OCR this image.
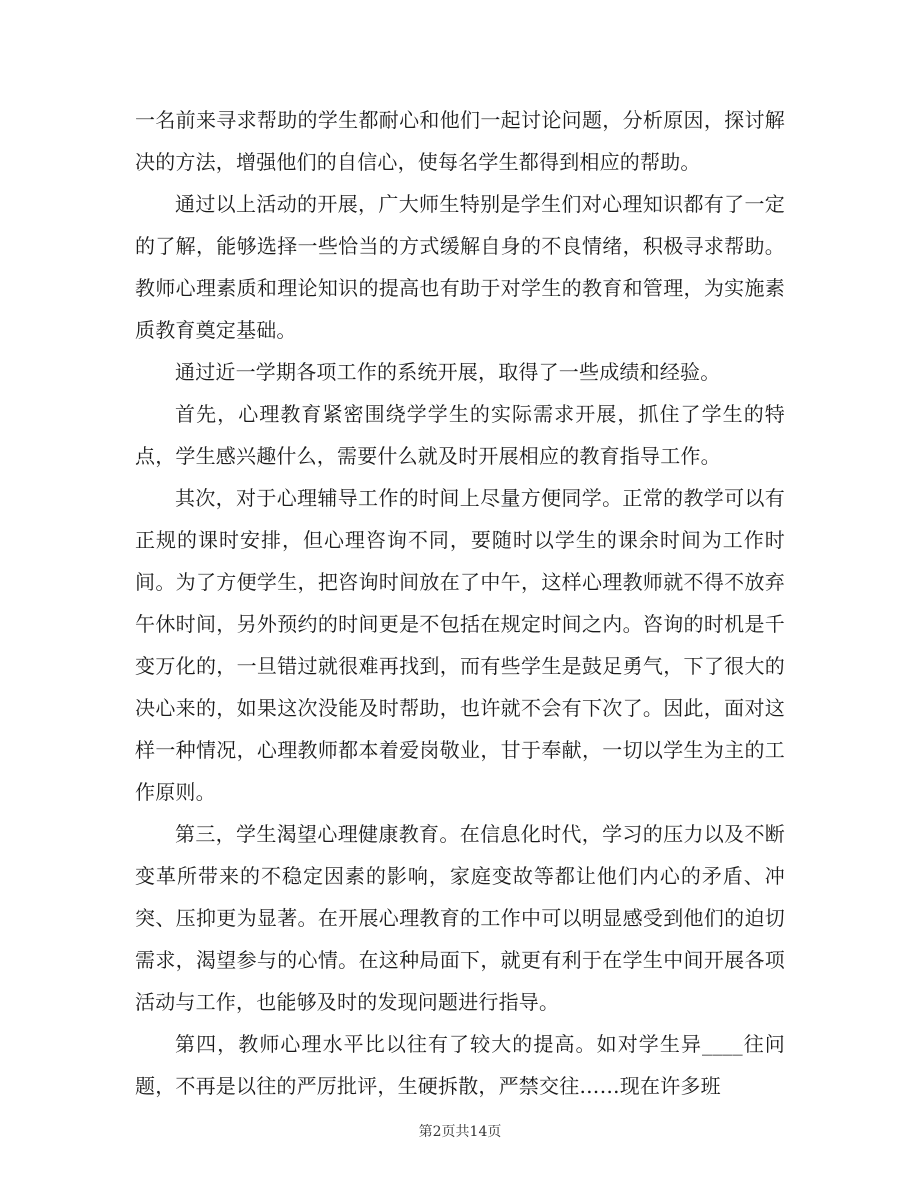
一名前来寻求帮助的学生都耐心和他们一起讨论问题，分析原因，探讨解决的方法，增强他们的自信心，使每名学生都得到相应的帮助。

通过以上活动的开展，广大师生特别是学生们对心理知识都有了一定的了解，能够选择一些恰当的方式缓解自身的不良情绪，积极寻求帮助。教师心理素质和理论知识的提高也有助于对学生的教育和管理，为实施素质教育奠定基础。

通过近一学期各项工作的系统开展，取得了一些成绩和经验。

首先，心理教育紧密围绕学学生的实际需求开展，抓住了学生的特点，学生感兴趣什么，需要什么就及时开展相应的教育指导工作。

其次，对于心理辅导工作的时间上尽量方便同学。正常的教学可以有正规的课时安排，但心理咨询不同，要随时以学生的课余时间为工作时间。为了方便学生，把咨询时间放在了中午，这样心理教师就不得不放弃午休时间，另外预约的时间更是不包括在规定时间之内。咨询的时机是千变万化的，一旦错过就很难再找到，而有些学生是鼓足勇气，下了很大的决心来的，如果这次没能及时帮助，也许就不会有下次了。因此，面对这样一种情况，心理教师都本着爱岗敬业，甘于奉献，一切以学生为主的工作原则。

第三，学生渴望心理健康教育。在信息化时代，学习的压力以及不断变革所带来的不稳定因素的影响，家庭变故等都让他们内心的矛盾、冲突、压抑更为显著。在开展心理教育的工作中可以明显感受到他们的迫切需求，渴望参与的心情。在这种局面下，就更有利于在学生中间开展各项活动与工作，也能够及时的发现问题进行指导。

第四，教师心理水平比以往有了较大的提高。如对学生异____往问题，不再是以往的严厉批评，生硬拆散，严禁交往……现在许多班

第2页共14页
